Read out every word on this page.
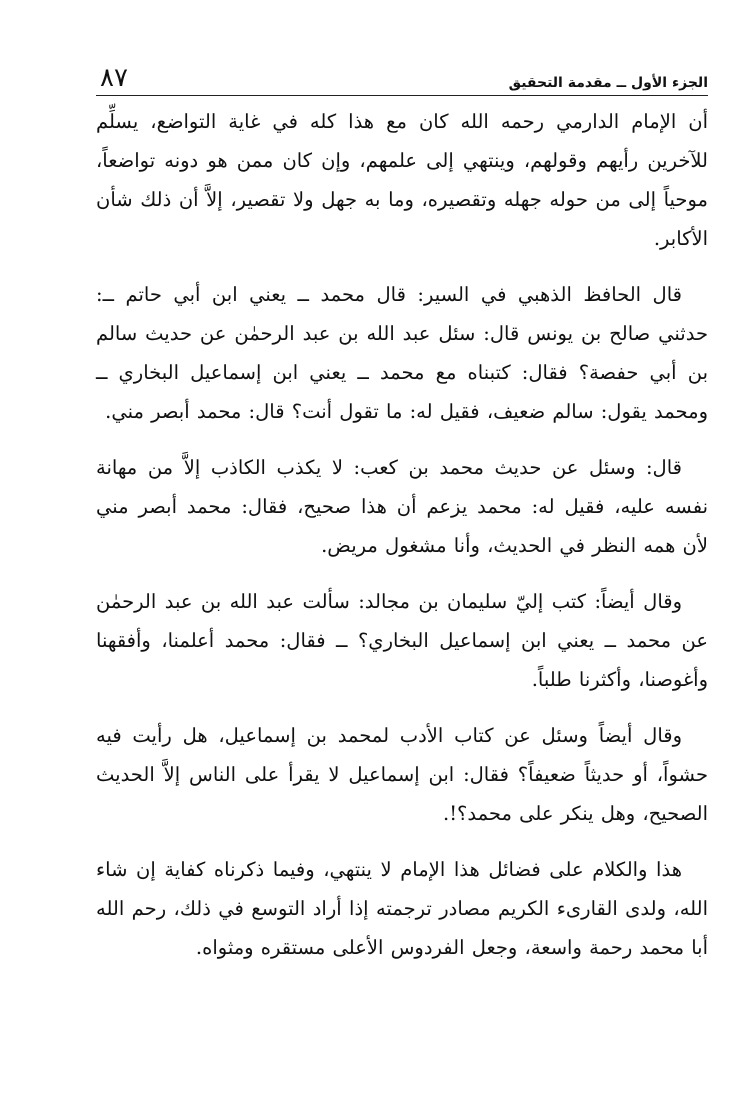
الجزء الأول ــ مقدمة التحقيق
٨٧

أن الإمام الدارمي رحمه الله كان مع هذا كله في غاية التواضع، يسلِّم للآخرين رأيهم وقولهم، وينتهي إلى علمهم، وإن كان ممن هو دونه تواضعاً، موحياً إلى من حوله جهله وتقصيره، وما به جهل ولا تقصير، إلاَّ أن ذلك شأن الأكابر.

قال الحافظ الذهبي في السير: قال محمد ــ يعني ابن أبي حاتم ــ: حدثني صالح بن يونس قال: سئل عبد الله بن عبد الرحمٰن عن حديث سالم بن أبي حفصة؟ فقال: كتبناه مع محمد ــ يعني ابن إسماعيل البخاري ــ ومحمد يقول: سالم ضعيف، فقيل له: ما تقول أنت؟ قال: محمد أبصر مني.

قال: وسئل عن حديث محمد بن كعب: لا يكذب الكاذب إلاَّ من مهانة نفسه عليه، فقيل له: محمد يزعم أن هذا صحيح، فقال: محمد أبصر مني لأن همه النظر في الحديث، وأنا مشغول مريض.

وقال أيضاً: كتب إليّ سليمان بن مجالد: سألت عبد الله بن عبد الرحمٰن عن محمد ــ يعني ابن إسماعيل البخاري؟ ــ فقال: محمد أعلمنا، وأفقهنا وأغوصنا، وأكثرنا طلباً.

وقال أيضاً وسئل عن كتاب الأدب لمحمد بن إسماعيل، هل رأيت فيه حشواً، أو حديثاً ضعيفاً؟ فقال: ابن إسماعيل لا يقرأ على الناس إلاَّ الحديث الصحيح، وهل ينكر على محمد؟!.

هذا والكلام على فضائل هذا الإمام لا ينتهي، وفيما ذكرناه كفاية إن شاء الله، ولدى القارىء الكريم مصادر ترجمته إذا أراد التوسع في ذلك، رحم الله أبا محمد رحمة واسعة، وجعل الفردوس الأعلى مستقره ومثواه.
